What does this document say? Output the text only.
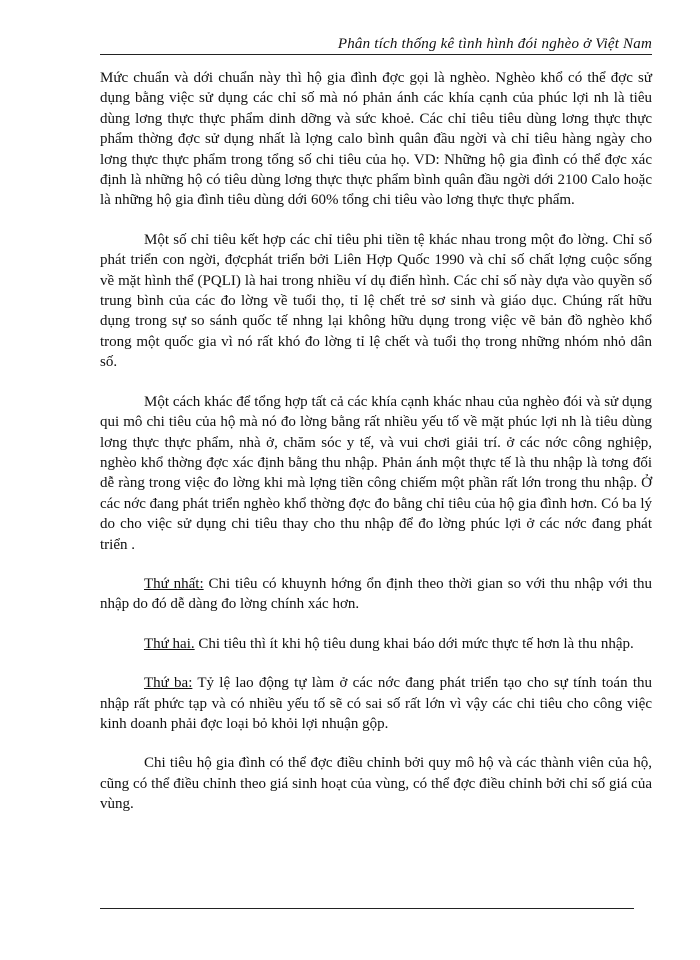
Phân tích thống kê tình hình đói nghèo ở Việt Nam

Mức chuẩn và dới chuẩn này thì hộ gia đình đợc gọi là nghèo. Nghèo khổ có thể đợc sử dụng bằng việc sử dụng các chỉ số mà nó phản ánh các khía cạnh của phúc lợi nh là tiêu dùng lơng thực thực phẩm dinh dỡng và sức khoẻ. Các chỉ tiêu tiêu dùng lơng thực thực phẩm thờng đợc sử dụng nhất là lợng calo bình quân đầu ngời và chỉ tiêu hàng ngày cho lơng thực thực phẩm trong tổng số chi tiêu của họ. VD: Những hộ gia đình có thể đợc xác định là những hộ có tiêu dùng lơng thực thực phẩm bình quân đầu ngời dới 2100 Calo hoặc là những hộ gia đình tiêu dùng dới 60% tổng chi tiêu vào lơng thực thực phẩm.

Một số chỉ tiêu kết hợp các chỉ tiêu phi tiền tệ khác nhau trong một đo lờng. Chỉ số phát triển con ngời, đợcphát triển bởi Liên Hợp Quốc 1990 và chỉ số chất lợng cuộc sống về mặt hình thể (PQLI) là hai trong nhiều ví dụ điển hình. Các chỉ số này dựa vào quyền số trung bình của các đo lờng về tuổi thọ, tỉ lệ chết trẻ sơ sinh và giáo dục. Chúng rất hữu dụng trong sự so sánh quốc tế nhng lại không hữu dụng trong việc vẽ bản đồ nghèo khổ trong một quốc gia vì nó rất khó đo lờng tỉ lệ chết và tuổi thọ trong những nhóm nhỏ dân số.

Một cách khác để tổng hợp tất cả các khía cạnh khác nhau của nghèo đói và sử dụng qui mô chi tiêu của hộ mà nó đo lờng bằng rất nhiều yếu tố về mặt phúc lợi nh là tiêu dùng lơng thực thực phẩm, nhà ở, chăm sóc y tế, và vui chơi giải trí. ở các nớc công nghiệp, nghèo khổ thờng đợc xác định bằng thu nhập. Phản ánh một thực tế là thu nhập là tơng đối dễ ràng trong việc đo lờng khi mà lợng tiền công chiếm một phần rất lớn trong thu nhập. Ở các nớc đang phát triển nghèo khổ thờng đợc đo bằng chỉ tiêu của hộ gia đình hơn. Có ba lý do cho việc sử dụng chi tiêu thay cho thu nhập để đo lờng phúc lợi ở các nớc đang phát triển .

Thứ nhất: Chi tiêu có khuynh hớng ổn định theo thời gian so với thu nhập với thu nhập do đó dễ dàng đo lờng chính xác hơn.

Thứ hai. Chi tiêu thì ít khi hộ tiêu dung khai báo dới mức thực tế hơn là thu nhập.

Thứ ba: Tỷ lệ lao động tự làm ở các nớc đang phát triển tạo cho sự tính toán thu nhập rất phức tạp và có nhiều yếu tố sẽ có sai số rất lớn vì vậy các chi tiêu cho công việc kinh doanh phải đợc loại bỏ khỏi lợi nhuận gộp.

Chi tiêu hộ gia đình có thể đợc điều chỉnh bởi quy mô hộ và các thành viên của hộ, cũng có thể điều chỉnh theo giá sinh hoạt của vùng, có thể đợc điều chỉnh bởi chỉ số giá của vùng.
